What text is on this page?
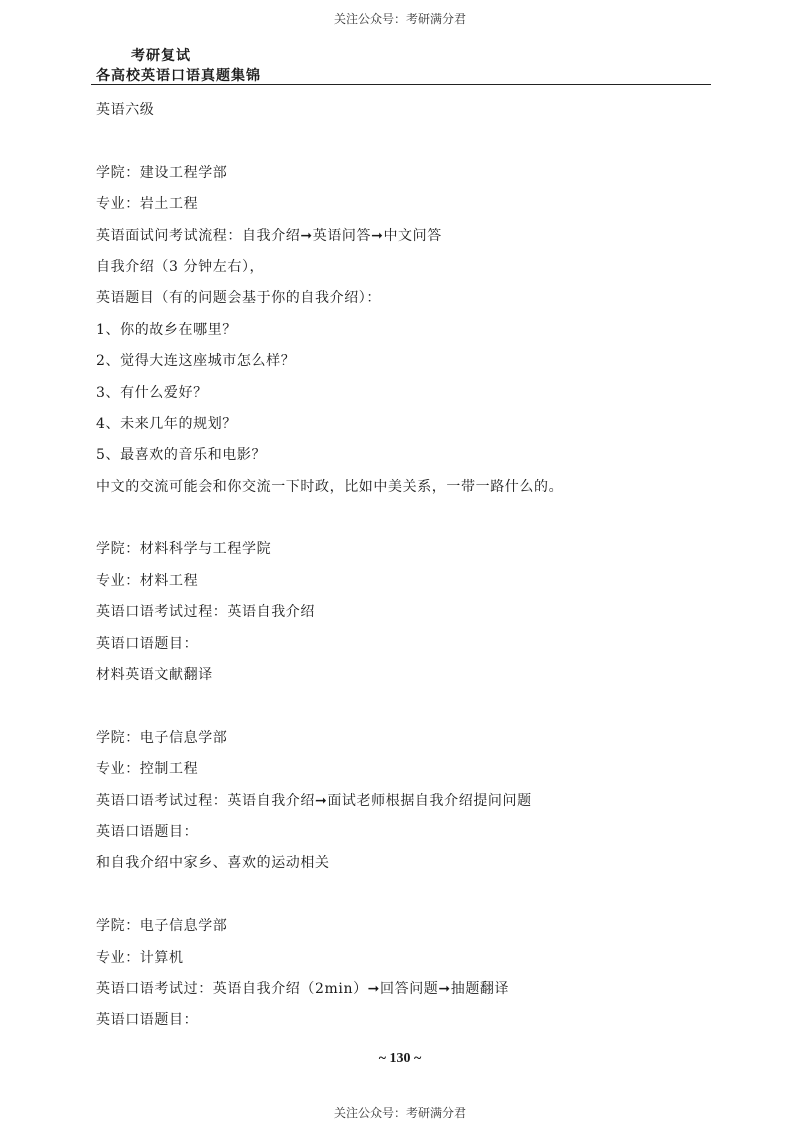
关注公众号：考研满分君
考研复试
各高校英语口语真题集锦
英语六级
学院：建设工程学部
专业：岩土工程
英语面试问考试流程：自我介绍➞英语问答➞中文问答
自我介绍（3 分钟左右），
英语题目（有的问题会基于你的自我介绍）：
1、你的故乡在哪里？
2、觉得大连这座城市怎么样？
3、有什么爱好？
4、未来几年的规划？
5、最喜欢的音乐和电影？
中文的交流可能会和你交流一下时政，比如中美关系，一带一路什么的。
学院：材料科学与工程学院
专业：材料工程
英语口语考试过程：英语自我介绍
英语口语题目：
材料英语文献翻译
学院：电子信息学部
专业：控制工程
英语口语考试过程：英语自我介绍➞面试老师根据自我介绍提问问题
英语口语题目：
和自我介绍中家乡、喜欢的运动相关
学院：电子信息学部
专业：计算机
英语口语考试过：英语自我介绍（2min）➞回答问题➞抽题翻译
英语口语题目：
~ 130 ~
关注公众号：考研满分君
